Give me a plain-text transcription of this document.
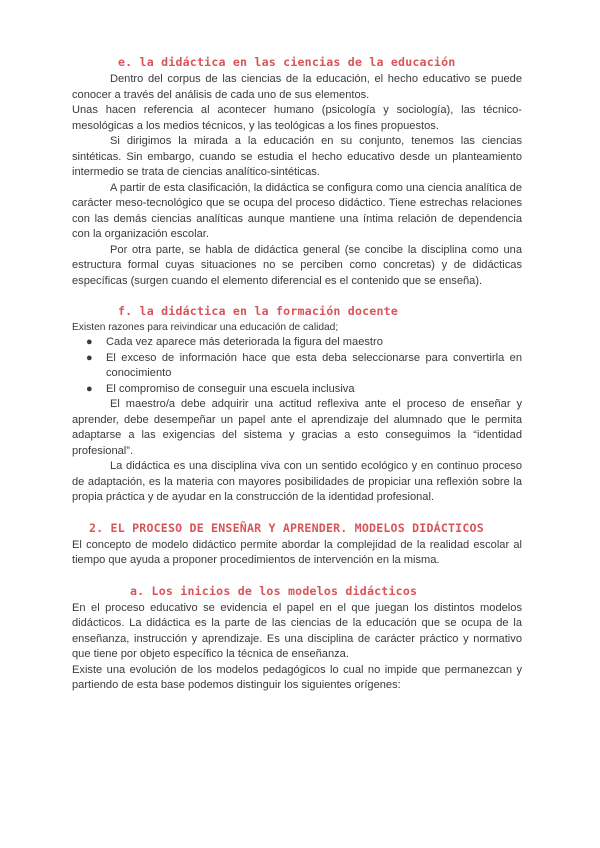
e. la didáctica en las ciencias de la educación

Dentro del corpus de las ciencias de la educación, el hecho educativo se puede conocer a través del análisis de cada uno de sus elementos.

Unas hacen referencia al acontecer humano (psicología y sociología), las técnico-mesológicas a los medios técnicos, y las teológicas a los fines propuestos.

Si dirigimos la mirada a la educación en su conjunto, tenemos las ciencias sintéticas. Sin embargo, cuando se estudia el hecho educativo desde un planteamiento intermedio se trata de ciencias analítico-sintéticas.

A partir de esta clasificación, la didáctica se configura como una ciencia analítica de carácter meso-tecnológico que se ocupa del proceso didáctico. Tiene estrechas relaciones con las demás ciencias analíticas aunque mantiene una íntima relación de dependencia con la organización escolar.

Por otra parte, se habla de didáctica general (se concibe la disciplina como una estructura formal cuyas situaciones no se perciben como concretas) y de didácticas específicas (surgen cuando el elemento diferencial es el contenido que se enseña).

f. la didáctica en la formación docente

Existen razones para reivindicar una educación de calidad;

● Cada vez aparece más deteriorada la figura del maestro
● El exceso de información hace que esta deba seleccionarse para convertirla en conocimiento
● El compromiso de conseguir una escuela inclusiva

El maestro/a debe adquirir una actitud reflexiva ante el proceso de enseñar y aprender, debe desempeñar un papel ante el aprendizaje del alumnado que le permita adaptarse a las exigencias del sistema y gracias a esto conseguimos la “identidad profesional”.

La didáctica es una disciplina viva con un sentido ecológico y en continuo proceso de adaptación, es la materia con mayores posibilidades de propiciar una reflexión sobre la propia práctica y de ayudar en la construcción de la identidad profesional.

2. EL PROCESO DE ENSEÑAR Y APRENDER. MODELOS DIDÁCTICOS

El concepto de modelo didáctico permite abordar la complejidad de la realidad escolar al tiempo que ayuda a proponer procedimientos de intervención en la misma.

a. Los inicios de los modelos didácticos

En el proceso educativo se evidencia el papel en el que juegan los distintos modelos didácticos. La didáctica es la parte de las ciencias de la educación que se ocupa de la enseñanza, instrucción y aprendizaje. Es una disciplina de carácter práctico y normativo que tiene por objeto específico la técnica de enseñanza.

Existe una evolución de los modelos pedagógicos lo cual no impide que permanezcan y partiendo de esta base podemos distinguir los siguientes orígenes:
